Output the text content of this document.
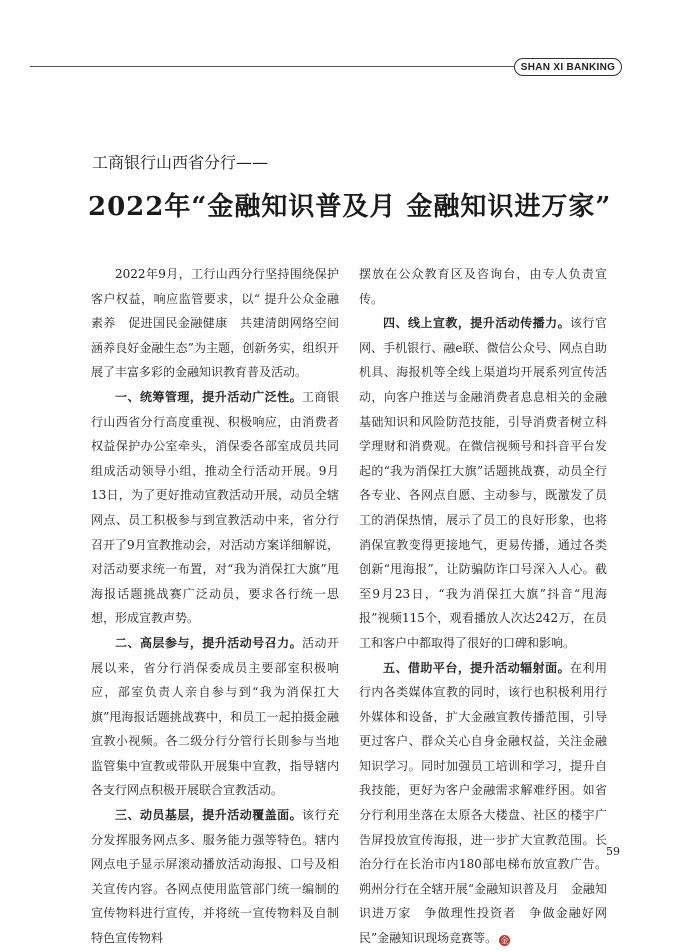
SHAN XI BANKING
工商银行山西省分行——
2022年“金融知识普及月 金融知识进万家”

2022年9月，工行山西分行坚持围绕保护客户权益，响应监管要求，以“ 提升公众金融素养　促进国民金融健康　共建清朗网络空间　涵养良好金融生态”为主题，创新务实，组织开展了丰富多彩的金融知识教育普及活动。

一、统筹管理，提升活动广泛性。工商银行山西省分行高度重视、积极响应，由消费者权益保护办公室牵头，消保委各部室成员共同组成活动领导小组，推动全行活动开展。9月13日，为了更好推动宣教活动开展，动员全辖网点、员工积极参与到宣教活动中来，省分行召开了9月宣教推动会，对活动方案详细解说，对活动要求统一布置，对“我为消保扛大旗”甩海报话题挑战赛广泛动员，要求各行统一思想，形成宣教声势。

二、高层参与，提升活动号召力。活动开展以来，省分行消保委成员主要部室积极响应，部室负责人亲自参与到“我为消保扛大旗”甩海报话题挑战赛中，和员工一起拍摄金融宣教小视频。各二级分行分管行长則参与当地监管集中宣教或带队开展集中宣教，指导辖内各支行网点积极开展联合宣教活动。

三、动员基层，提升活动覆盖面。该行充分发挥服务网点多、服务能力强等特色。辖内网点电子显示屏滚动播放活动海报、口号及相关宣传内容。各网点使用监管部门统一编制的宣传物料进行宣传，并将统一宣传物料及自制特色宣传物料

摆放在公众教育区及咨询台，由专人负责宣传。

四、线上宣教，提升活动传播力。该行官网、手机银行、融e联、微信公众号、网点自助机具、海报机等全线上渠道均开展系列宣传活动，向客户推送与金融消费者息息相关的金融基础知识和风险防范技能，引导消费者树立科学理财和消费观。在微信视频号和抖音平台发起的“我为消保扛大旗”话题挑战赛，动员全行各专业、各网点自愿、主动参与，既激发了员工的消保热情，展示了员工的良好形象，也将消保宣教变得更接地气，更易传播，通过各类创新“甩海报”，让防骗防诈口号深入人心。截至9月23日，“我为消保扛大旗”抖音“甩海报”视频115个，观看播放人次达242万，在员工和客户中都取得了很好的口碑和影响。

五、借助平台，提升活动辐射面。在利用行内各类媒体宣教的同时，该行也积极利用行外媒体和设备，扩大金融宣教传播范围，引导更过客户、群众关心自身金融权益，关注金融知识学习。同时加强员工培训和学习，提升自我技能，更好为客户金融需求解难纾困。如省分行利用坐落在太原各大楼盘、社区的楼宇广告屏投放宣传海报，进一步扩大宣教范围。长治分行在长治市内180部电梯布放宣教广告。朔州分行在全辖开展“金融知识普及月　金融知识进万家　争做理性投资者　争做金融好网民”金融知识现场竞赛等。 金

59
